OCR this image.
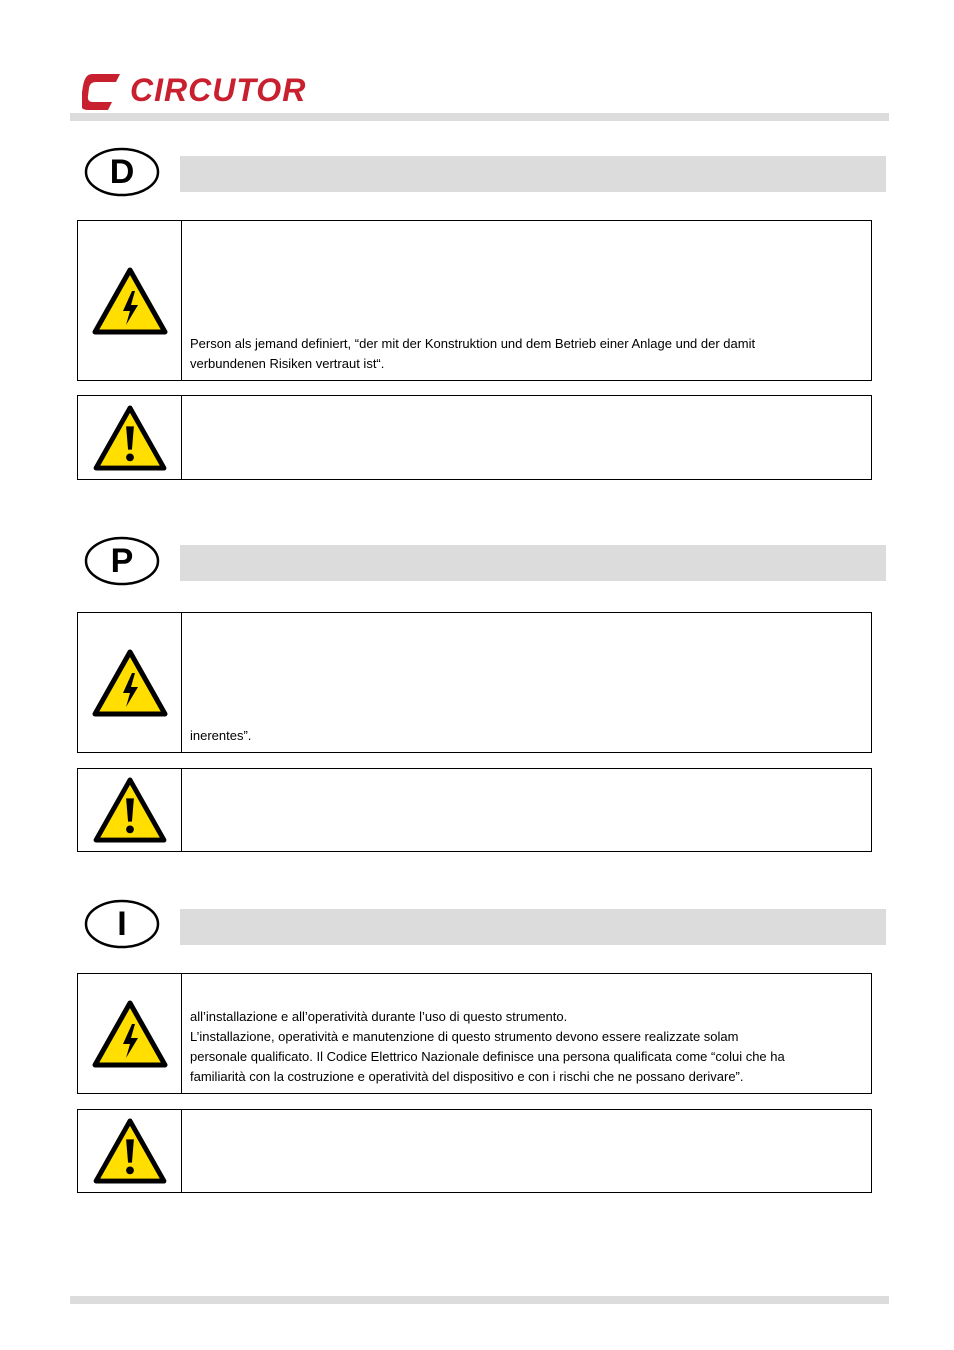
CIRCUTOR
D

Person als jemand definiert, “der mit der Konstruktion und dem Betrieb einer Anlage und der damit

verbundenen Risiken vertraut ist“.

P

inerentes”.

I

all’installazione e all’operatività durante l’uso di questo strumento.

L’installazione, operatività e manutenzione di questo strumento devono essere realizzate solam

personale qualificato. Il Codice Elettrico Nazionale definisce una persona qualificata come “colui che ha

familiarità con la costruzione e operatività del dispositivo e con i rischi che ne possano derivare”.
